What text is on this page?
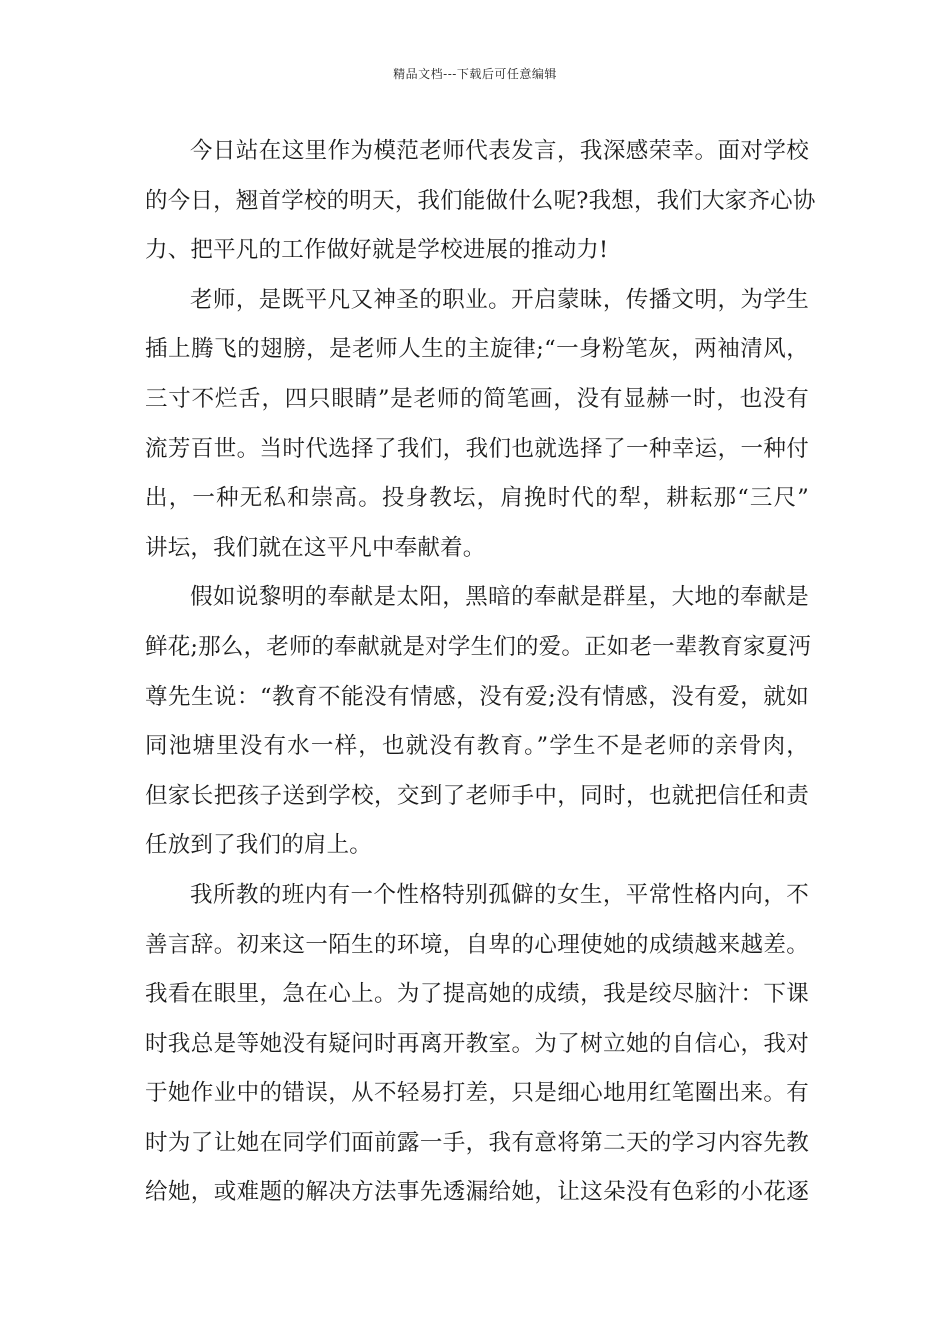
精品文档---下载后可任意编辑
今日站在这里作为模范老师代表发言，我深感荣幸。面对学校
的今日，翘首学校的明天，我们能做什么呢?我想，我们大家齐心协
力、把平凡的工作做好就是学校进展的推动力!
老师，是既平凡又神圣的职业。开启蒙昧，传播文明，为学生
插上腾飞的翅膀，是老师人生的主旋律;“一身粉笔灰，两袖清风，
三寸不烂舌，四只眼睛”是老师的简笔画，没有显赫一时，也没有
流芳百世。当时代选择了我们，我们也就选择了一种幸运，一种付
出，一种无私和崇高。投身教坛，肩挽时代的犁，耕耘那“三尺”
讲坛，我们就在这平凡中奉献着。
假如说黎明的奉献是太阳，黑暗的奉献是群星，大地的奉献是
鲜花;那么，老师的奉献就是对学生们的爱。正如老一辈教育家夏沔
尊先生说：“教育不能没有情感，没有爱;没有情感，没有爱，就如
同池塘里没有水一样，也就没有教育。”学生不是老师的亲骨肉，
但家长把孩子送到学校，交到了老师手中，同时，也就把信任和责
任放到了我们的肩上。
我所教的班内有一个性格特别孤僻的女生，平常性格内向，不
善言辞。初来这一陌生的环境，自卑的心理使她的成绩越来越差。
我看在眼里，急在心上。为了提高她的成绩，我是绞尽脑汁：下课
时我总是等她没有疑问时再离开教室。为了树立她的自信心，我对
于她作业中的错误，从不轻易打差，只是细心地用红笔圈出来。有
时为了让她在同学们面前露一手，我有意将第二天的学习内容先教
给她，或难题的解决方法事先透漏给她，让这朵没有色彩的小花逐
